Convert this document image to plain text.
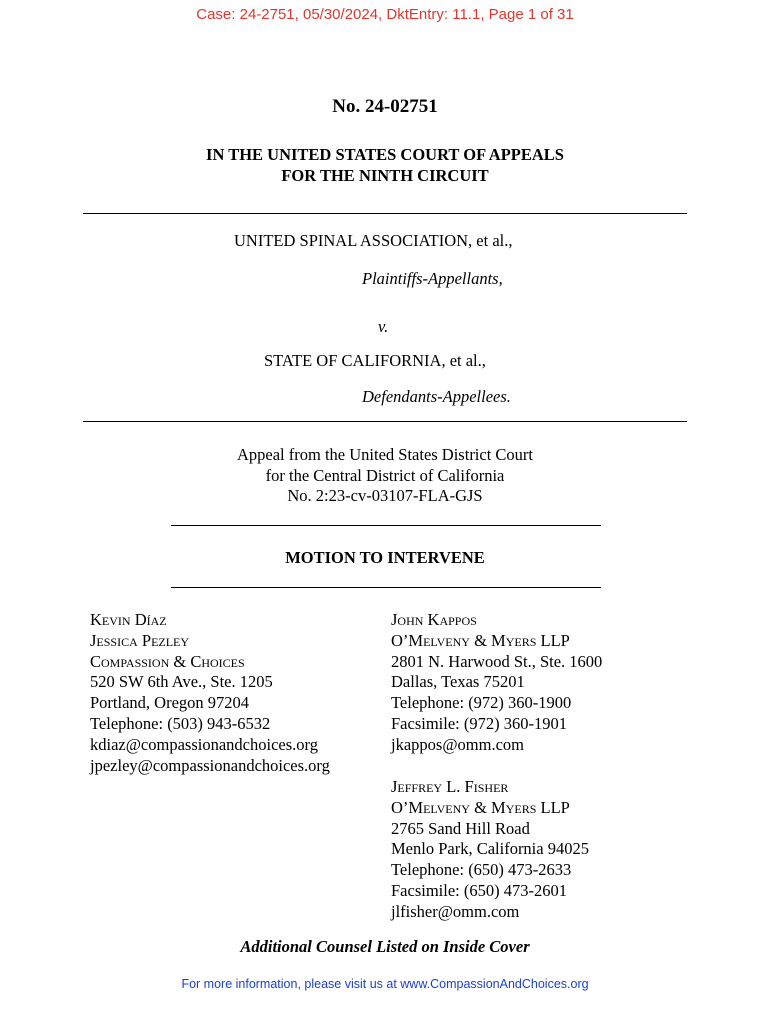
Case: 24-2751, 05/30/2024, DktEntry: 11.1, Page 1 of 31
No. 24-02751
IN THE UNITED STATES COURT OF APPEALS
FOR THE NINTH CIRCUIT
UNITED SPINAL ASSOCIATION, et al.,
Plaintiffs-Appellants,
v.
STATE OF CALIFORNIA, et al.,
Defendants-Appellees.
Appeal from the United States District Court
for the Central District of California
No. 2:23-cv-03107-FLA-GJS
MOTION TO INTERVENE
Kevin Díaz
Jessica Pezley
Compassion & Choices
520 SW 6th Ave., Ste. 1205
Portland, Oregon 97204
Telephone: (503) 943-6532
kdiaz@compassionandchoices.org
jpezley@compassionandchoices.org
John Kappos
O’Melveny & Myers LLP
2801 N. Harwood St., Ste. 1600
Dallas, Texas 75201
Telephone: (972) 360-1900
Facsimile: (972) 360-1901
jkappos@omm.com
Jeffrey L. Fisher
O’Melveny & Myers LLP
2765 Sand Hill Road
Menlo Park, California 94025
Telephone: (650) 473-2633
Facsimile: (650) 473-2601
jlfisher@omm.com
Additional Counsel Listed on Inside Cover
For more information, please visit us at www.CompassionAndChoices.org
